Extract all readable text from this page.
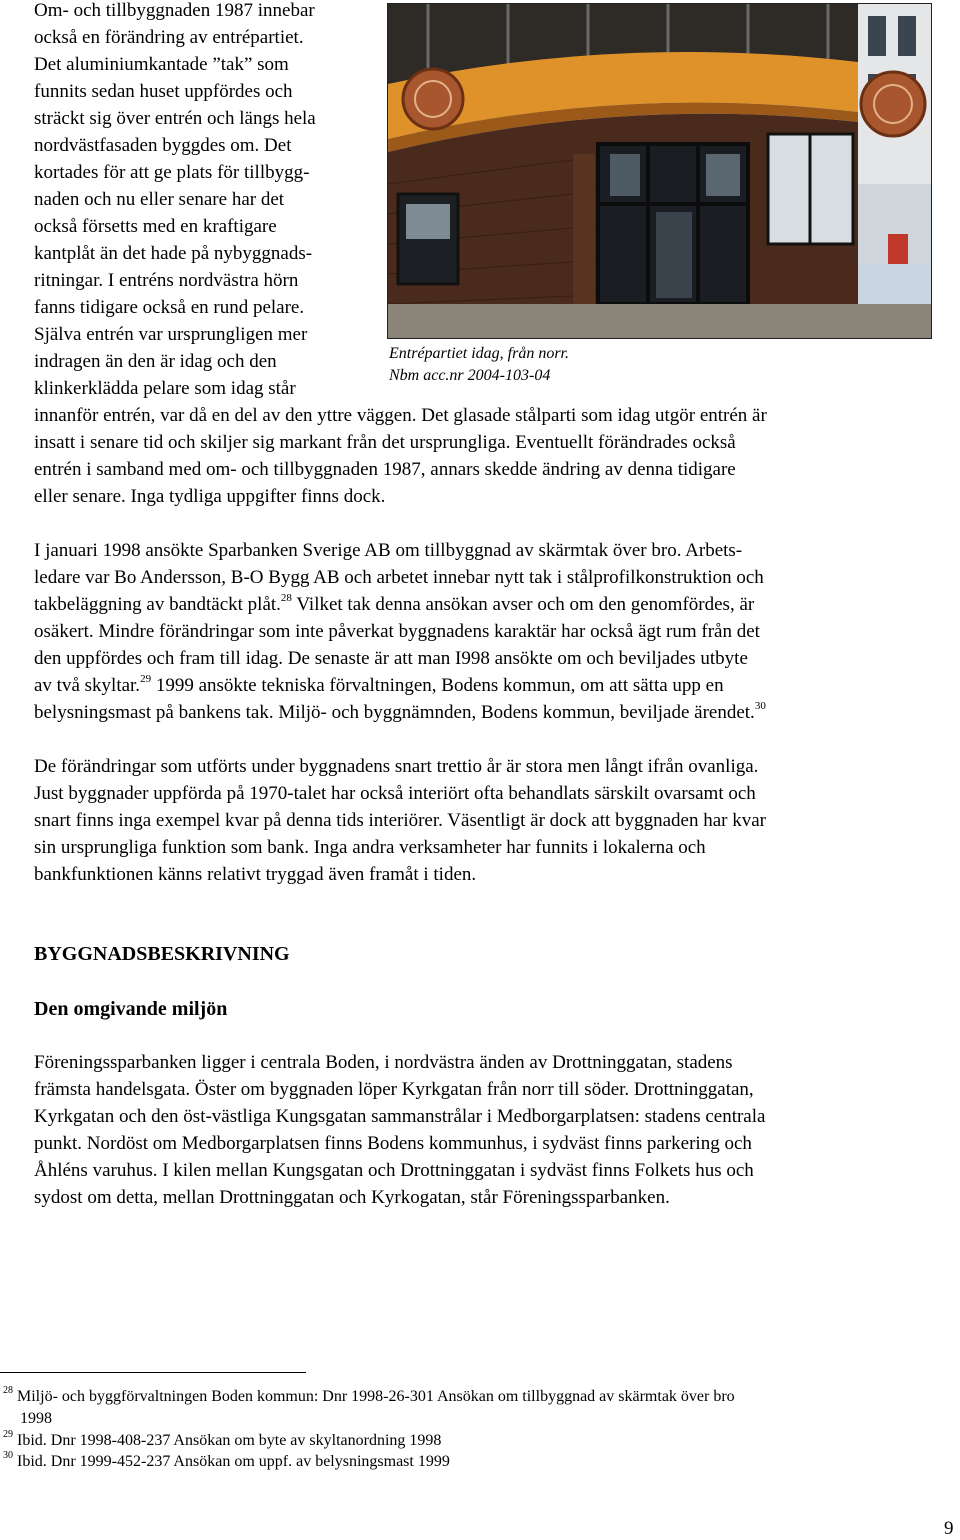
Om- och tillbyggnaden 1987 innebar
också en förändring av entrépartiet.
Det aluminiumkantade ”tak” som
funnits sedan huset uppfördes och
sträckt sig över entrén och längs hela
nordvästfasaden byggdes om. Det
kortades för att ge plats för tillbygg-
naden och nu eller senare har det
också försetts med en kraftigare
kantplåt än det hade på nybyggnads-
ritningar. I entréns nordvästra hörn
fanns tidigare också en rund pelare.
Själva entrén var ursprungligen mer
indragen än den är idag och den
klinkerklädda pelare som idag står
Entrépartiet idag, från norr.
Nbm acc.nr 2004-103-04
innanför entrén, var då en del av den yttre väggen. Det glasade stålparti som idag utgör entrén är
insatt i senare tid och skiljer sig markant från det ursprungliga. Eventuellt förändrades också
entrén i samband med om- och tillbyggnaden 1987, annars skedde ändring av denna tidigare
eller senare. Inga tydliga uppgifter finns dock.
I januari 1998 ansökte Sparbanken Sverige AB om tillbyggnad av skärmtak över bro. Arbets-
ledare var Bo Andersson, B-O Bygg AB och arbetet innebar nytt tak i stålprofilkonstruktion och
takbeläggning av bandtäckt plåt.$^{28}$ Vilket tak denna ansökan avser och om den genomfördes, är
osäkert. Mindre förändringar som inte påverkat byggnadens karaktär har också ägt rum från det
den uppfördes och fram till idag. De senaste är att man I998 ansökte om och beviljades utbyte
av två skyltar.$^{29}$ 1999 ansökte tekniska förvaltningen, Bodens kommun, om att sätta upp en
belysningsmast på bankens tak. Miljö- och byggnämnden, Bodens kommun, beviljade ärendet.$^{30}$
De förändringar som utförts under byggnadens snart trettio år är stora men långt ifrån ovanliga.
Just byggnader uppförda på 1970-talet har också interiört ofta behandlats särskilt ovarsamt och
snart finns inga exempel kvar på denna tids interiörer. Väsentligt är dock att byggnaden har kvar
sin ursprungliga funktion som bank. Inga andra verksamheter har funnits i lokalerna och
bankfunktionen känns relativt tryggad även framåt i tiden.
BYGGNADSBESKRIVNING
Den omgivande miljön
Föreningssparbanken ligger i centrala Boden, i nordvästra änden av Drottninggatan, stadens
främsta handelsgata. Öster om byggnaden löper Kyrkgatan från norr till söder. Drottninggatan,
Kyrkgatan och den öst-västliga Kungsgatan sammanstrålar i Medborgarplatsen: stadens centrala
punkt. Nordöst om Medborgarplatsen finns Bodens kommunhus, i sydväst finns parkering och
Åhléns varuhus. I kilen mellan Kungsgatan och Drottninggatan i sydväst finns Folkets hus och
sydost om detta, mellan Drottninggatan och Kyrkogatan, står Föreningssparbanken.
$^{28}$ Miljö- och byggförvaltningen Boden kommun: Dnr 1998-26-301 Ansökan om tillbyggnad av skärmtak över bro
1998
$^{29}$ Ibid. Dnr 1998-408-237 Ansökan om byte av skyltanordning 1998
$^{30}$ Ibid. Dnr 1999-452-237 Ansökan om uppf. av belysningsmast 1999
9
